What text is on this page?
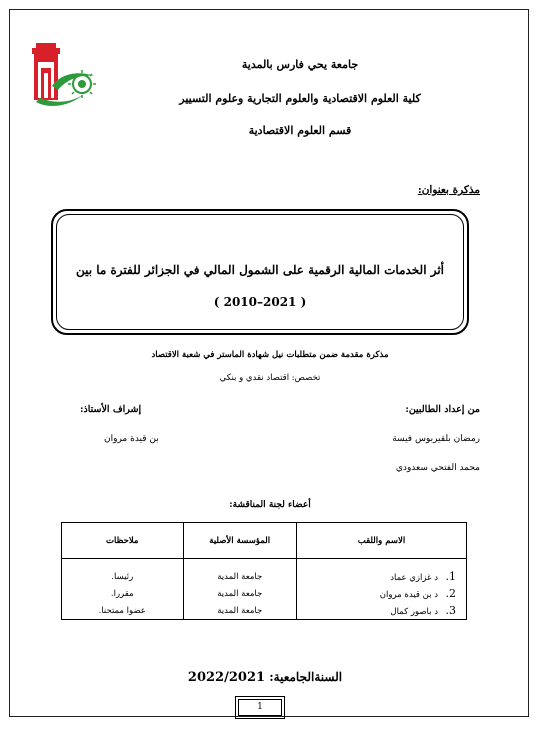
جامعة يحي فارس بالمدية
كلية العلوم الاقتصادية والعلوم التجارية وعلوم التسيير
قسم العلوم الاقتصادية
مذكرة بعنوان:
أثر الخدمات المالية الرقمية على الشمول المالي في الجزائر للفترة ما بين
( 2010–2021 )
مذكرة مقدمة ضمن متطلبات نيل شهادة الماستر في شعبة الاقتصاد
تخصص: اقتصاد نقدي و بنكي
من إعداد الطالبين:
إشراف الأستاذ:
رمضان بلقيربوس فيسة
بن قيدة مروان
محمد الفتحي سعدودي
أعضاء لجنة المناقشة:
الاسم واللقب	المؤسسة الأصلية	ملاحظات

1.د غزازي عماد	جامعة المدية	رئيسا.
2.د بن قيدة مروان	جامعة المدية	مقررا.
3.د باصور كمال	جامعة المدية	عضوا ممتحنا.
السنةالجامعية: 2022/2021
1
